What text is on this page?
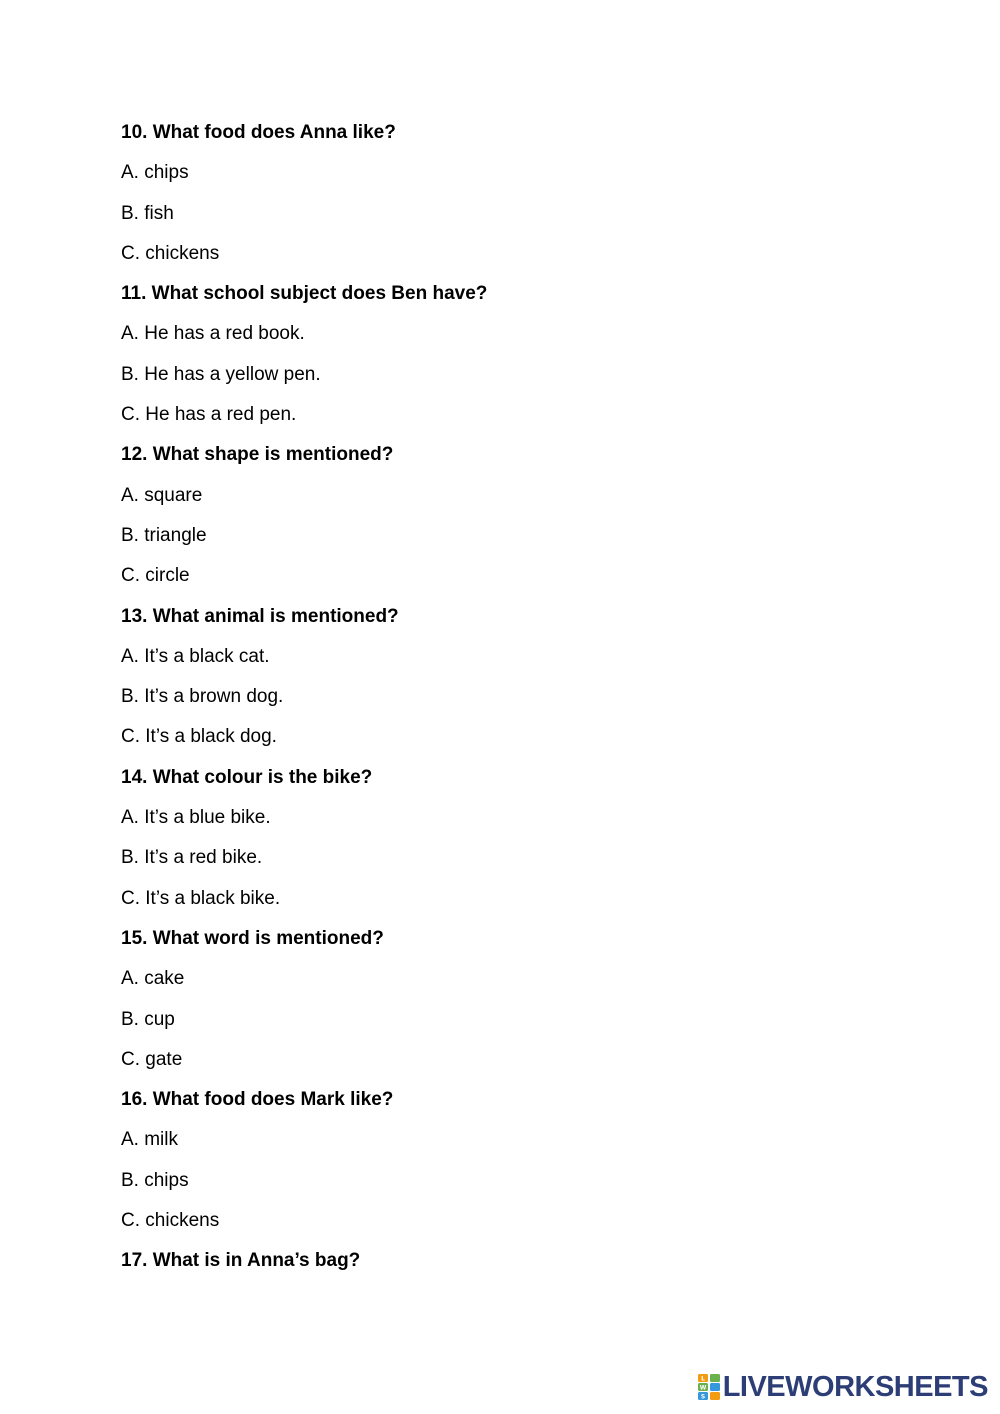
10. What food does Anna like?
A. chips
B. fish
C. chickens
11. What school subject does Ben have?
A. He has a red book.
B. He has a yellow pen.
C. He has a red pen.
12. What shape is mentioned?
A. square
B. triangle
C. circle
13. What animal is mentioned?
A. It’s a black cat.
B. It’s a brown dog.
C. It’s a black dog.
14. What colour is the bike?
A. It’s a blue bike.
B. It’s a red bike.
C. It’s a black bike.
15. What word is mentioned?
A. cake
B. cup
C. gate
16. What food does Mark like?
A. milk
B. chips
C. chickens
17. What is in Anna’s bag?
L
W
S LIVEWORKSHEETS
